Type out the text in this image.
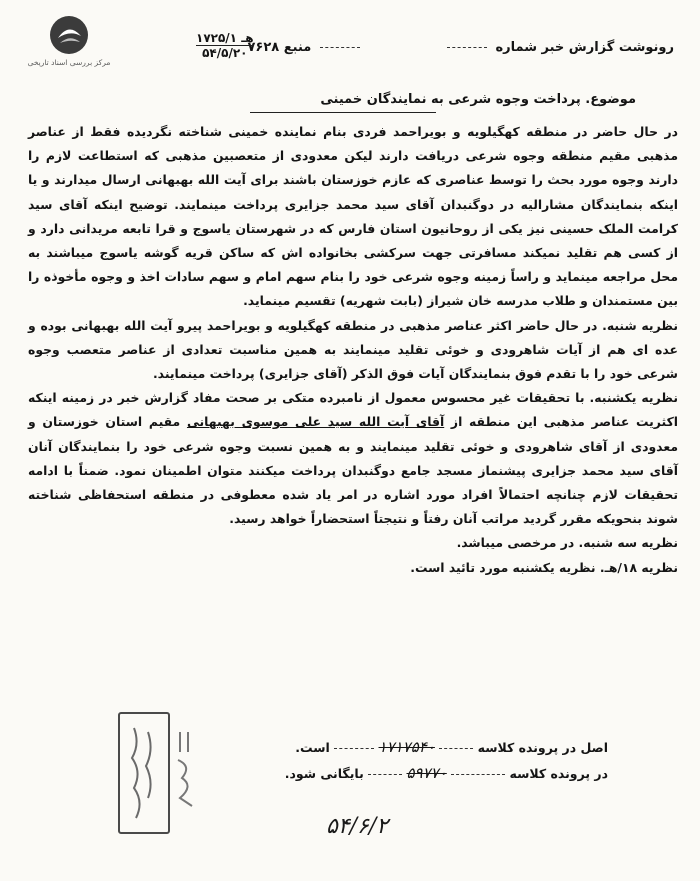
مرکز بررسی اسناد تاریخی
رونوشت گزارش خبر شماره    منبع ۷۶۲۸
۱۷۲۵/۱ هـ
۵۴/۵/۲۰
موضوع. پرداخت وجوه شرعی به نمایندگان خمینی

در حال حاضر در منطقه کهگیلویه و بویراحمد فردی بنام نماینده خمینی شناخته نگردیده فقط از عناصر مذهبی مقیم منطقه وجوه شرعی دریافت دارند لیکن معدودی از متعصبین مذهبی که استطاعت لازم را دارند وجوه مورد بحث را توسط عناصری که عازم خوزستان باشند برای آیت الله بهبهانی ارسال میدارند و یا اینکه بنمایندگان مشارالیه در دوگنبدان آقای سید محمد جزایری پرداخت مینمایند. توضیح اینکه آقای سید کرامت الملک حسینی نیز یکی از روحانیون استان فارس که در شهرستان یاسوج و قرا تابعه مریدانی دارد و از کسی هم تقلید نمیکند مسافرتی جهت سرکشی بخانواده اش که ساکن قریه گوشه یاسوج میباشند به محل مراجعه مینماید و راساً زمینه وجوه شرعی خود را بنام سهم امام و سهم سادات اخذ و وجوه مأخوذه را بین مستمندان و طلاب مدرسه خان شیراز (بابت شهریه) تقسیم مینماید.

نظریه شنبه. در حال حاضر اکثر عناصر مذهبی در منطقه کهگیلویه و بویراحمد پیرو آیت الله بهبهانی بوده و عده ای هم از آیات شاهرودی و خوئی تقلید مینمایند به همین مناسبت تعدادی از عناصر متعصب وجوه شرعی خود را با تقدم فوق بنمایندگان آیات فوق الذکر (آقای جزایری) پرداخت مینمایند.

نظریه یکشنبه. با تحقیقات غیر محسوس معمول از نامبرده متکی بر صحت مفاد گزارش خبر در زمینه اینکه اکثریت عناصر مذهبی این منطقه از آقای آیت الله سید علی موسوی بهبهانی مقیم استان خوزستان و معدودی از آقای شاهرودی و خوئی تقلید مینمایند و به همین نسبت وجوه شرعی خود را بنمایندگان آنان آقای سید محمد جزایری پیشنماز مسجد جامع دوگنبدان پرداخت میکنند متوان اطمینان نمود. ضمناً با ادامه تحقیقات لازم چنانچه احتمالاً افراد مورد اشاره در امر یاد شده معطوفی در منطقه استحفاظی شناخته شوند بنحویکه مقرر گردید مراتب آنان رفتاً و نتیجتاً استحضاراً خواهد رسید.

نظریه سه شنبه. در مرخصی میباشد.

نظریه ۱۸/هـ. نظریه یکشنبه مورد تائید است.

اصل در پرونده کلاسه  ۱۷۱۷۵۴۰  است.
در پرونده کلاسه  ۵۹۷۷۰  بایگانی شود.
۵۴/۶/۲
